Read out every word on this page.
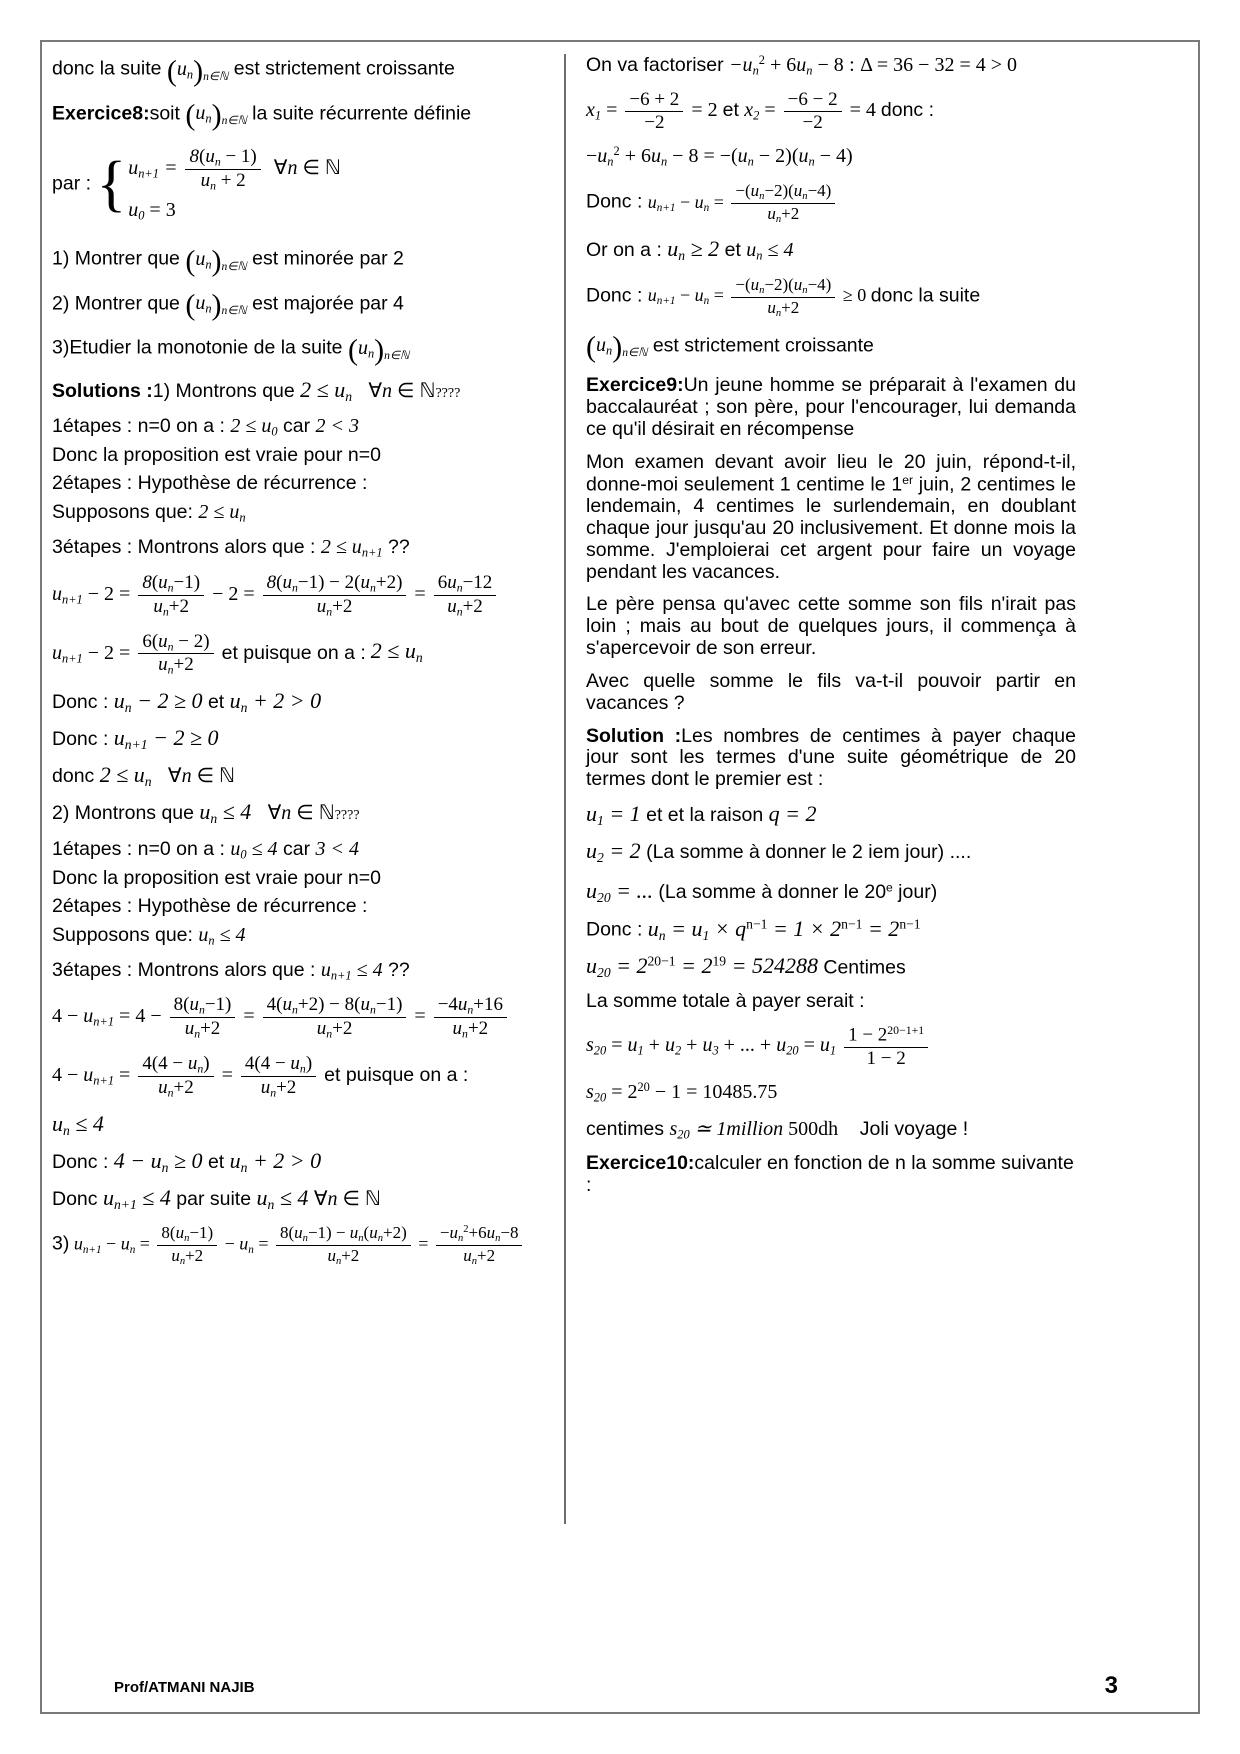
donc la suite $(u_n)_{n\in ℕ}$ est strictement croissante
Exercice8:soit $(u_n)_{n\in ℕ}$ la suite récurrente définie
par : { $u_{n+1} = \frac{8(u_n - 1)}{u_n + 2}$ ∀n ∈ ℕ
$u_0 = 3$
1) Montrer que $(u_n)_{n\in ℕ}$ est minorée par 2
2) Montrer que $(u_n)_{n\in ℕ}$ est majorée par 4
3)Etudier la monotonie de la suite $(u_n)_{n\in ℕ}$
Solutions :1) Montrons que $2 \le u_n$ ∀n ∈ ℕ????
1étapes : n=0 on a : $2 \le u_0$ car 2 < 3
Donc la proposition est vraie pour n=0
2étapes : Hypothèse de récurrence :
Supposons que: $2 \le u_n$
3étapes : Montrons alors que : $2 \le u_{n+1}$ ??
$u_{n+1} - 2 = \frac{8(u_n-1)}{u_n+2} - 2 = \frac{8(u_n-1) - 2(u_n+2)}{u_n+2} = \frac{6u_n-12}{u_n+2}$
$u_{n+1} - 2 = \frac{6(u_n - 2)}{u_n+2}$ et puisque on a : $2 \le u_n$
Donc : $u_n - 2 \ge 0$ et $u_n + 2 > 0$
Donc : $u_{n+1} - 2 \ge 0$
donc $2 \le u_n$ ∀n ∈ ℕ
2) Montrons que $u_n \le 4$ ∀n ∈ ℕ????
1étapes : n=0 on a : $u_0 \le 4$ car 3 < 4
Donc la proposition est vraie pour n=0
2étapes : Hypothèse de récurrence :
Supposons que: $u_n \le 4$
3étapes : Montrons alors que : $u_{n+1} \le 4$ ??
$4 - u_{n+1} = 4 - \frac{8(u_n-1)}{u_n+2} = \frac{4(u_n+2) - 8(u_n-1)}{u_n+2} = \frac{-4u_n+16}{u_n+2}$
$4 - u_{n+1} = \frac{4(4 - u_n)}{u_n+2} = \frac{4(4 - u_n)}{u_n+2}$ et puisque on a :
$u_n \le 4$
Donc : $4 - u_n \ge 0$ et $u_n + 2 > 0$
Donc $u_{n+1} \le 4$ par suite $u_n \le 4$ ∀n ∈ ℕ
3) $u_{n+1} - u_n = \frac{8(u_n-1)}{u_n+2} - u_n = \frac{8(u_n-1) - u_n(u_n+2)}{u_n+2} = \frac{-u_n^2+6u_n-8}{u_n+2}$
On va factoriser $-u_n^2 + 6u_n - 8$ : Δ = 36 − 32 = 4 > 0
$x_1 = \frac{-6 + 2}{-2} = 2$ et $x_2 = \frac{-6 - 2}{-2} = 4$ donc :
$-u_n^2 + 6u_n - 8 = -(u_n - 2)(u_n - 4)$
Donc : $u_{n+1} - u_n = \frac{-(u_n-2)(u_n-4)}{u_n+2}$
Or on a : $u_n \ge 2$ et $u_n \le 4$
Donc : $u_{n+1} - u_n = \frac{-(u_n-2)(u_n-4)}{u_n+2} \ge 0$ donc la suite
$(u_n)_{n\in ℕ}$ est strictement croissante
Exercice9:Un jeune homme se préparait à l'examen du baccalauréat ; son père, pour l'encourager, lui demanda ce qu'il désirait en récompense
Mon examen devant avoir lieu le 20 juin, répond-t-il, donne-moi seulement 1 centime le 1er juin, 2 centimes le lendemain, 4 centimes le surlendemain, en doublant chaque jour jusqu'au 20 inclusivement. Et donne mois la somme. J'emploierai cet argent pour faire un voyage pendant les vacances.
Le père pensa qu'avec cette somme son fils n'irait pas loin ; mais au bout de quelques jours, il commença à s'apercevoir de son erreur.
Avec quelle somme le fils va-t-il pouvoir partir en vacances ?
Solution :Les nombres de centimes à payer chaque jour sont les termes d'une suite géométrique de 20 termes dont le premier est :
$u_1 = 1$ et et la raison q = 2
$u_2 = 2$ (La somme à donner le 2 iem jour) ....
$u_{20}$ = ... (La somme à donner le 20e jour)
Donc : $u_n = u_1 \times q^{n-1} = 1 \times 2^{n-1} = 2^{n-1}$
$u_{20} = 2^{20-1} = 2^{19} = 524288$ Centimes
La somme totale à payer serait :
$s_{20} = u_1 + u_2 + u_3$ + ... + $u_{20} = u_1 \frac{1 - 2^{20-1+1}}{1 - 2}$
$s_{20} = 2^{20} - 1 = 10485.75$
centimes $s_{20}$ ≃ 1million 500dh Joli voyage !
Exercice10:calculer en fonction de n la somme suivante :
Prof/ATMANI NAJIB	3
